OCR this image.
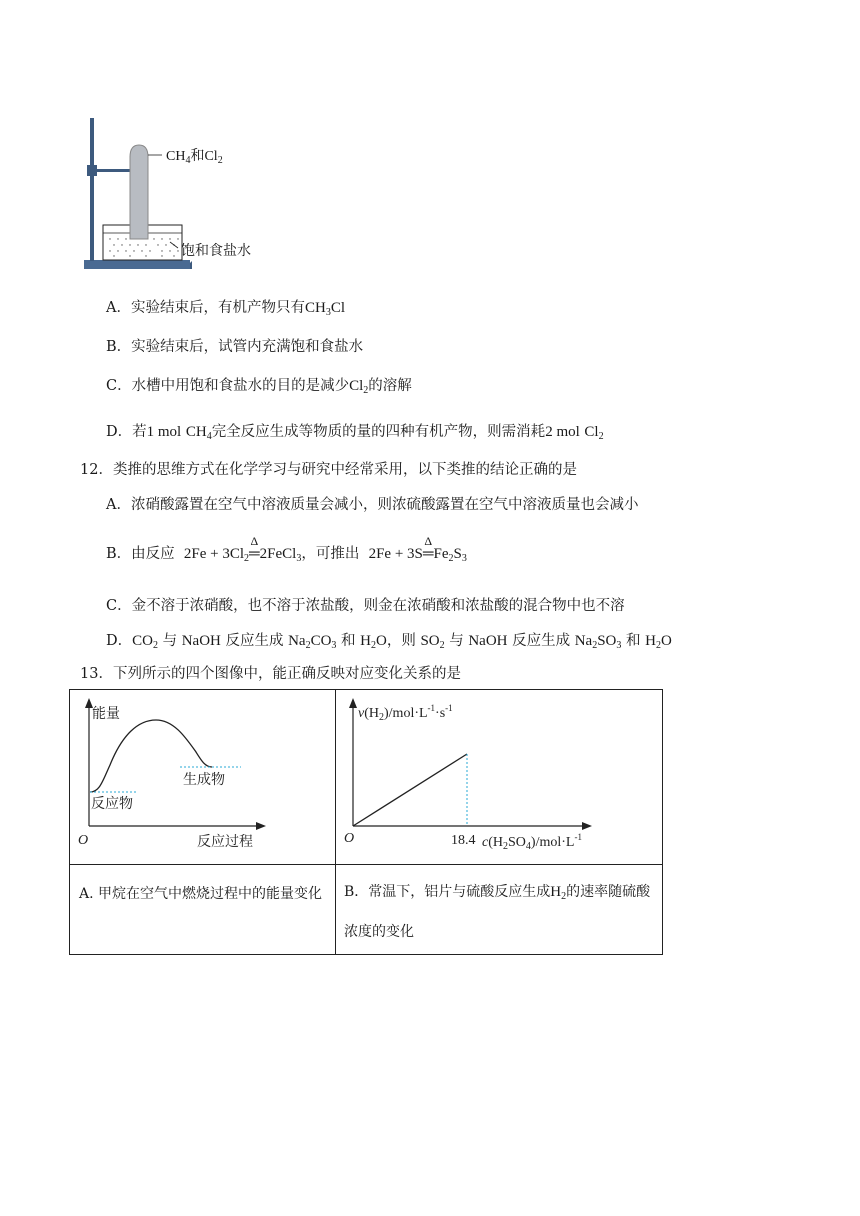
$CH_4$和$Cl_2$
饱和食盐水
A．实验结束后，有机产物只有$CH_3Cl$
B．实验结束后，试管内充满饱和食盐水
C．水槽中用饱和食盐水的目的是减少$Cl_2$的溶解
D．若1 mol $CH_4$完全反应生成等物质的量的四种有机产物，则需消耗2 mol $Cl_2$
12．类推的思维方式在化学学习与研究中经常采用，以下类推的结论正确的是
A．浓硝酸露置在空气中溶液质量会减小，则浓硫酸露置在空气中溶液质量也会减小
B．由反应 $2Fe + 3Cl_2$
Δ
═2FeCl$_3$，可推出 2Fe + 3S
Δ
$═Fe_2S_3$
C．金不溶于浓硝酸，也不溶于浓盐酸，则金在浓硝酸和浓盐酸的混合物中也不溶
D．$CO_2$ 与 NaOH 反应生成 $Na_2CO_3$ 和 $H_2O$，则 $SO_2$ 与 NaOH 反应生成 $Na_2SO_3$ 和 $H_2O$
13．下列所示的四个图像中，能正确反映对应变化关系的是
能量
反应物
生成物
O 反应过程	$v(H_2)/mol\cdot L^{-1}\cdot s^{-1}$
O 18.4 $c(H_2SO_4)/mol\cdot L^{-1}$

A. 甲烷在空气中燃烧过程中的能量变化	B．常温下，铝片与硫酸反应生成$H_2$的速率随硫酸浓度的变化
